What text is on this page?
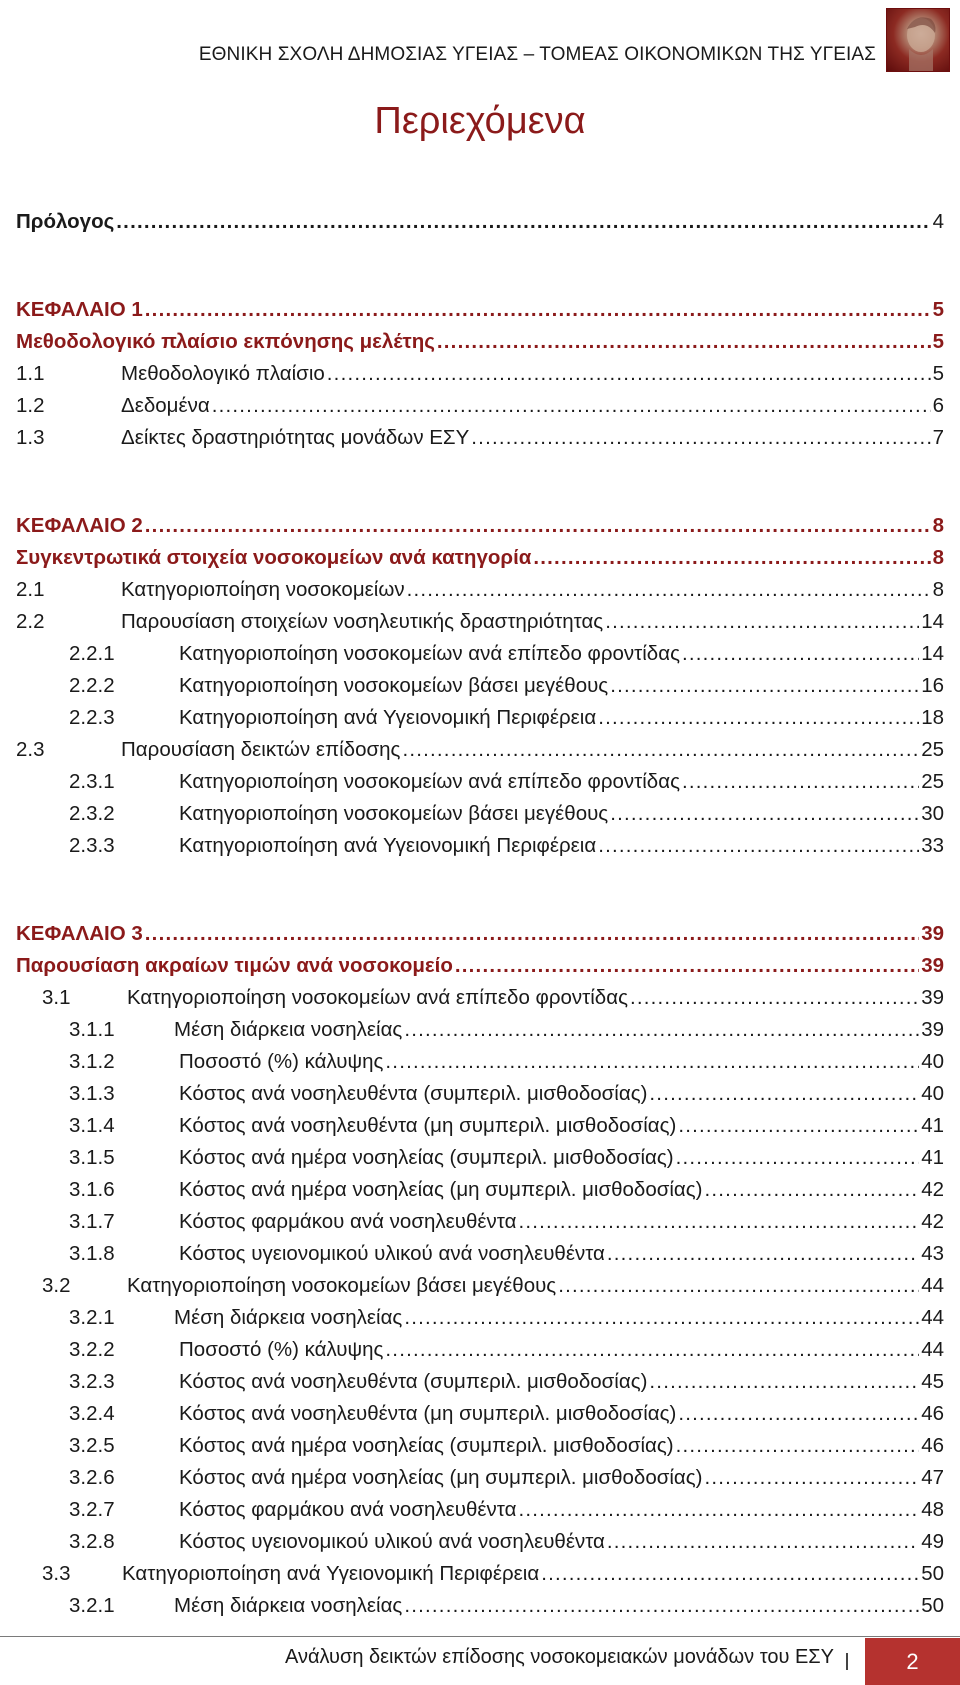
ΕΘΝΙΚΗ ΣΧΟΛΗ ΔΗΜΟΣΙΑΣ ΥΓΕΙΑΣ – ΤΟΜΕΑΣ ΟΙΚΟΝΟΜΙΚΩΝ ΤΗΣ ΥΓΕΙΑΣ
Περιεχόμενα
Πρόλογος .....	4
ΚΕΦΑΛΑΙΟ 1 .....	5
Μεθοδολογικό πλαίσιο εκπόνησης μελέτης .....	5
1.1	Μεθοδολογικό πλαίσιο .....	5
1.2	Δεδομένα .....	6
1.3	Δείκτες δραστηριότητας μονάδων ΕΣΥ .....	7
ΚΕΦΑΛΑΙΟ 2 .....	8
Συγκεντρωτικά στοιχεία νοσοκομείων ανά κατηγορία .....	8
2.1	Κατηγοριοποίηση νοσοκομείων .....	8
2.2	Παρουσίαση στοιχείων νοσηλευτικής δραστηριότητας .....	14
2.2.1	Κατηγοριοποίηση νοσοκομείων ανά επίπεδο φροντίδας .....	14
2.2.2	Κατηγοριοποίηση νοσοκομείων βάσει μεγέθους .....	16
2.2.3	Κατηγοριοποίηση ανά Υγειονομική Περιφέρεια .....	18
2.3	Παρουσίαση δεικτών επίδοσης .....	25
2.3.1	Κατηγοριοποίηση νοσοκομείων ανά επίπεδο φροντίδας .....	25
2.3.2	Κατηγοριοποίηση νοσοκομείων βάσει μεγέθους .....	30
2.3.3	Κατηγοριοποίηση ανά Υγειονομική Περιφέρεια .....	33
ΚΕΦΑΛΑΙΟ 3 .....	39
Παρουσίαση ακραίων τιμών ανά νοσοκομείο .....	39
3.1	Κατηγοριοποίηση νοσοκομείων ανά επίπεδο φροντίδας .....	39
3.1.1	Μέση διάρκεια νοσηλείας .....	39
3.1.2	Ποσοστό (%) κάλυψης .....	40
3.1.3	Κόστος ανά νοσηλευθέντα (συμπεριλ. μισθοδοσίας) .....	40
3.1.4	Κόστος ανά νοσηλευθέντα (μη συμπεριλ. μισθοδοσίας) .....	41
3.1.5	Κόστος ανά ημέρα νοσηλείας (συμπεριλ. μισθοδοσίας) .....	41
3.1.6	Κόστος ανά ημέρα νοσηλείας (μη συμπεριλ. μισθοδοσίας) .....	42
3.1.7	Κόστος φαρμάκου ανά νοσηλευθέντα .....	42
3.1.8	Κόστος υγειονομικού υλικού ανά νοσηλευθέντα .....	43
3.2	Κατηγοριοποίηση νοσοκομείων βάσει μεγέθους .....	44
3.2.1	Μέση διάρκεια νοσηλείας .....	44
3.2.2	Ποσοστό (%) κάλυψης .....	44
3.2.3	Κόστος ανά νοσηλευθέντα (συμπεριλ. μισθοδοσίας) .....	45
3.2.4	Κόστος ανά νοσηλευθέντα (μη συμπεριλ. μισθοδοσίας) .....	46
3.2.5	Κόστος ανά ημέρα νοσηλείας (συμπεριλ. μισθοδοσίας) .....	46
3.2.6	Κόστος ανά ημέρα νοσηλείας (μη συμπεριλ. μισθοδοσίας) .....	47
3.2.7	Κόστος φαρμάκου ανά νοσηλευθέντα .....	48
3.2.8	Κόστος υγειονομικού υλικού ανά νοσηλευθέντα .....	49
3.3	Κατηγοριοποίηση ανά Υγειονομική Περιφέρεια .....	50
3.2.1	Μέση διάρκεια νοσηλείας .....	50
Ανάλυση δεικτών επίδοσης νοσοκομειακών μονάδων του ΕΣΥ	2
